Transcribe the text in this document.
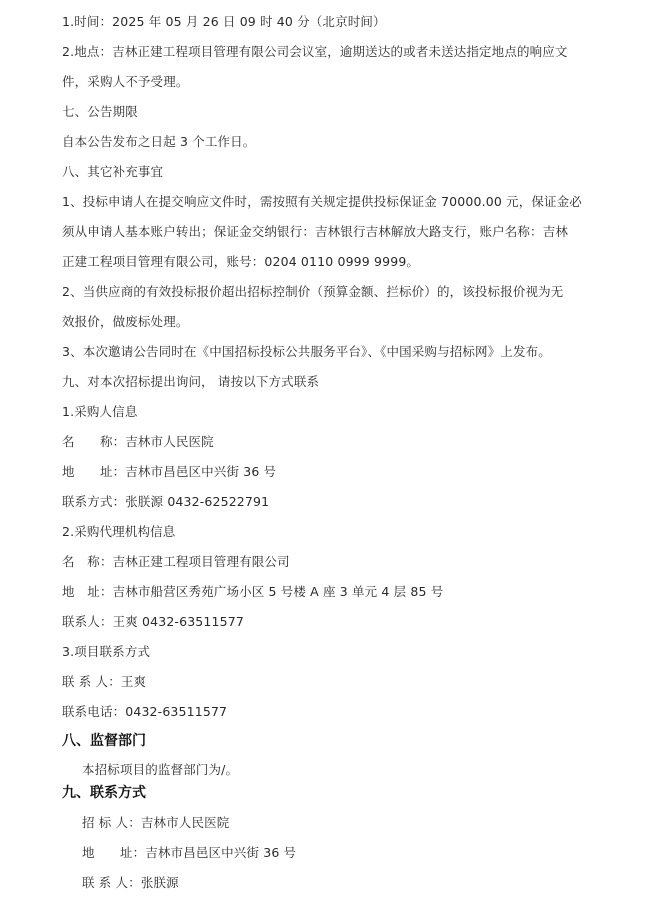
1.时间：2025 年 05 月 26 日 09 时 40 分（北京时间）
2.地点：吉林正建工程项目管理有限公司会议室，逾期送达的或者未送达指定地点的响应文
件，采购人不予受理。
七、公告期限
自本公告发布之日起 3 个工作日。
八、其它补充事宜
1、投标申请人在提交响应文件时，需按照有关规定提供投标保证金 70000.00 元，保证金必
须从申请人基本账户转出；保证金交纳银行：吉林银行吉林解放大路支行，账户名称：吉林
正建工程项目管理有限公司，账号：0204 0110 0999 9999。
2、当供应商的有效投标报价超出招标控制价（预算金额、拦标价）的，该投标报价视为无
效报价，做废标处理。
3、本次邀请公告同时在《中国招标投标公共服务平台》、《中国采购与招标网》上发布。
九、对本次招标提出询问， 请按以下方式联系
1.采购人信息
名　　称：吉林市人民医院
地　　址：吉林市昌邑区中兴街 36 号
联系方式：张朕源 0432-62522791
2.采购代理机构信息
名　称：吉林正建工程项目管理有限公司
地　址：吉林市船营区秀苑广场小区 5 号楼 A 座 3 单元 4 层 85 号
联系人：王爽 0432-63511577
3.项目联系方式
联 系 人：王爽
联系电话：0432-63511577
八、监督部门
本招标项目的监督部门为/。
九、联系方式
招 标 人：吉林市人民医院
地　　址：吉林市昌邑区中兴街 36 号
联 系 人：张朕源
